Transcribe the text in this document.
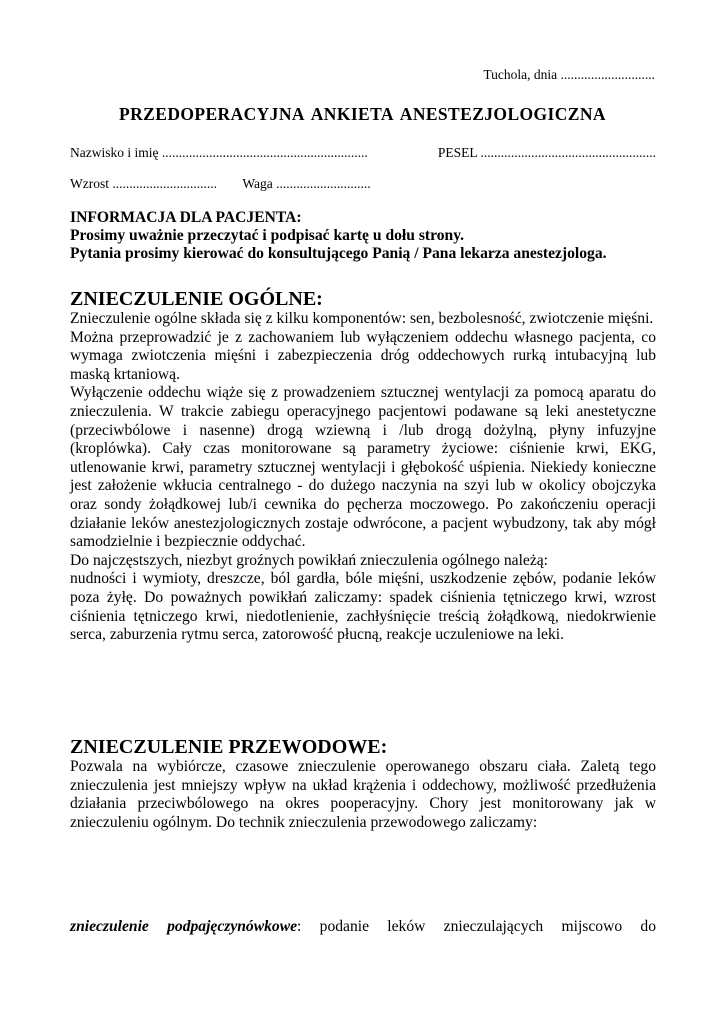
Tuchola, dnia ............................
PRZEDOPERACYJNA ANKIETA ANESTEZJOLOGICZNA
Nazwisko i imię .............................................................	PESEL ....................................................
Wzrost ............................... Waga ............................
INFORMACJA DLA PACJENTA:
Prosimy uważnie przeczytać i podpisać kartę u dołu strony.
Pytania prosimy kierować do konsultującego Panią / Pana lekarza anestezjologa.

ZNIECZULENIE OGÓLNE:

Znieczulenie ogólne składa się z kilku komponentów: sen, bezbolesność, zwiotczenie mięśni.

Można przeprowadzić je z zachowaniem lub wyłączeniem oddechu własnego pacjenta, co wymaga zwiotczenia mięśni i zabezpieczenia dróg oddechowych rurką intubacyjną lub maską krtaniową.

Wyłączenie oddechu wiąże się z prowadzeniem sztucznej wentylacji za pomocą aparatu do znieczulenia. W trakcie zabiegu operacyjnego pacjentowi podawane są leki anestetyczne (przeciwbólowe i nasenne) drogą wziewną i /lub drogą dożylną, płyny infuzyjne (kroplówka). Cały czas monitorowane są parametry życiowe: ciśnienie krwi, EKG, utlenowanie krwi, parametry sztucznej wentylacji i głębokość uśpienia. Niekiedy konieczne jest założenie wkłucia centralnego - do dużego naczynia na szyi lub w okolicy obojczyka oraz sondy żołądkowej lub/i cewnika do pęcherza moczowego. Po zakończeniu operacji działanie leków anestezjologicznych zostaje odwrócone, a pacjent wybudzony, tak aby mógł samodzielnie i bezpiecznie oddychać.

Do najczęstszych, niezbyt groźnych powikłań znieczulenia ogólnego należą:

nudności i wymioty, dreszcze, ból gardła, bóle mięśni, uszkodzenie zębów, podanie leków poza żyłę. Do poważnych powikłań zaliczamy: spadek ciśnienia tętniczego krwi, wzrost ciśnienia tętniczego krwi, niedotlenienie, zachłyśnięcie treścią żołądkową, niedokrwienie serca, zaburzenia rytmu serca, zatorowość płucną, reakcje uczuleniowe na leki.

ZNIECZULENIE PRZEWODOWE:

Pozwala na wybiórcze, czasowe znieczulenie operowanego obszaru ciała. Zaletą tego znieczulenia jest mniejszy wpływ na układ krążenia i oddechowy, możliwość przedłużenia działania przeciwbólowego na okres pooperacyjny. Chory jest monitorowany jak w znieczuleniu ogólnym. Do technik znieczulenia przewodowego zaliczamy:

znieczulenie podpajęczynówkowe: podanie leków znieczulających mijscowo do
